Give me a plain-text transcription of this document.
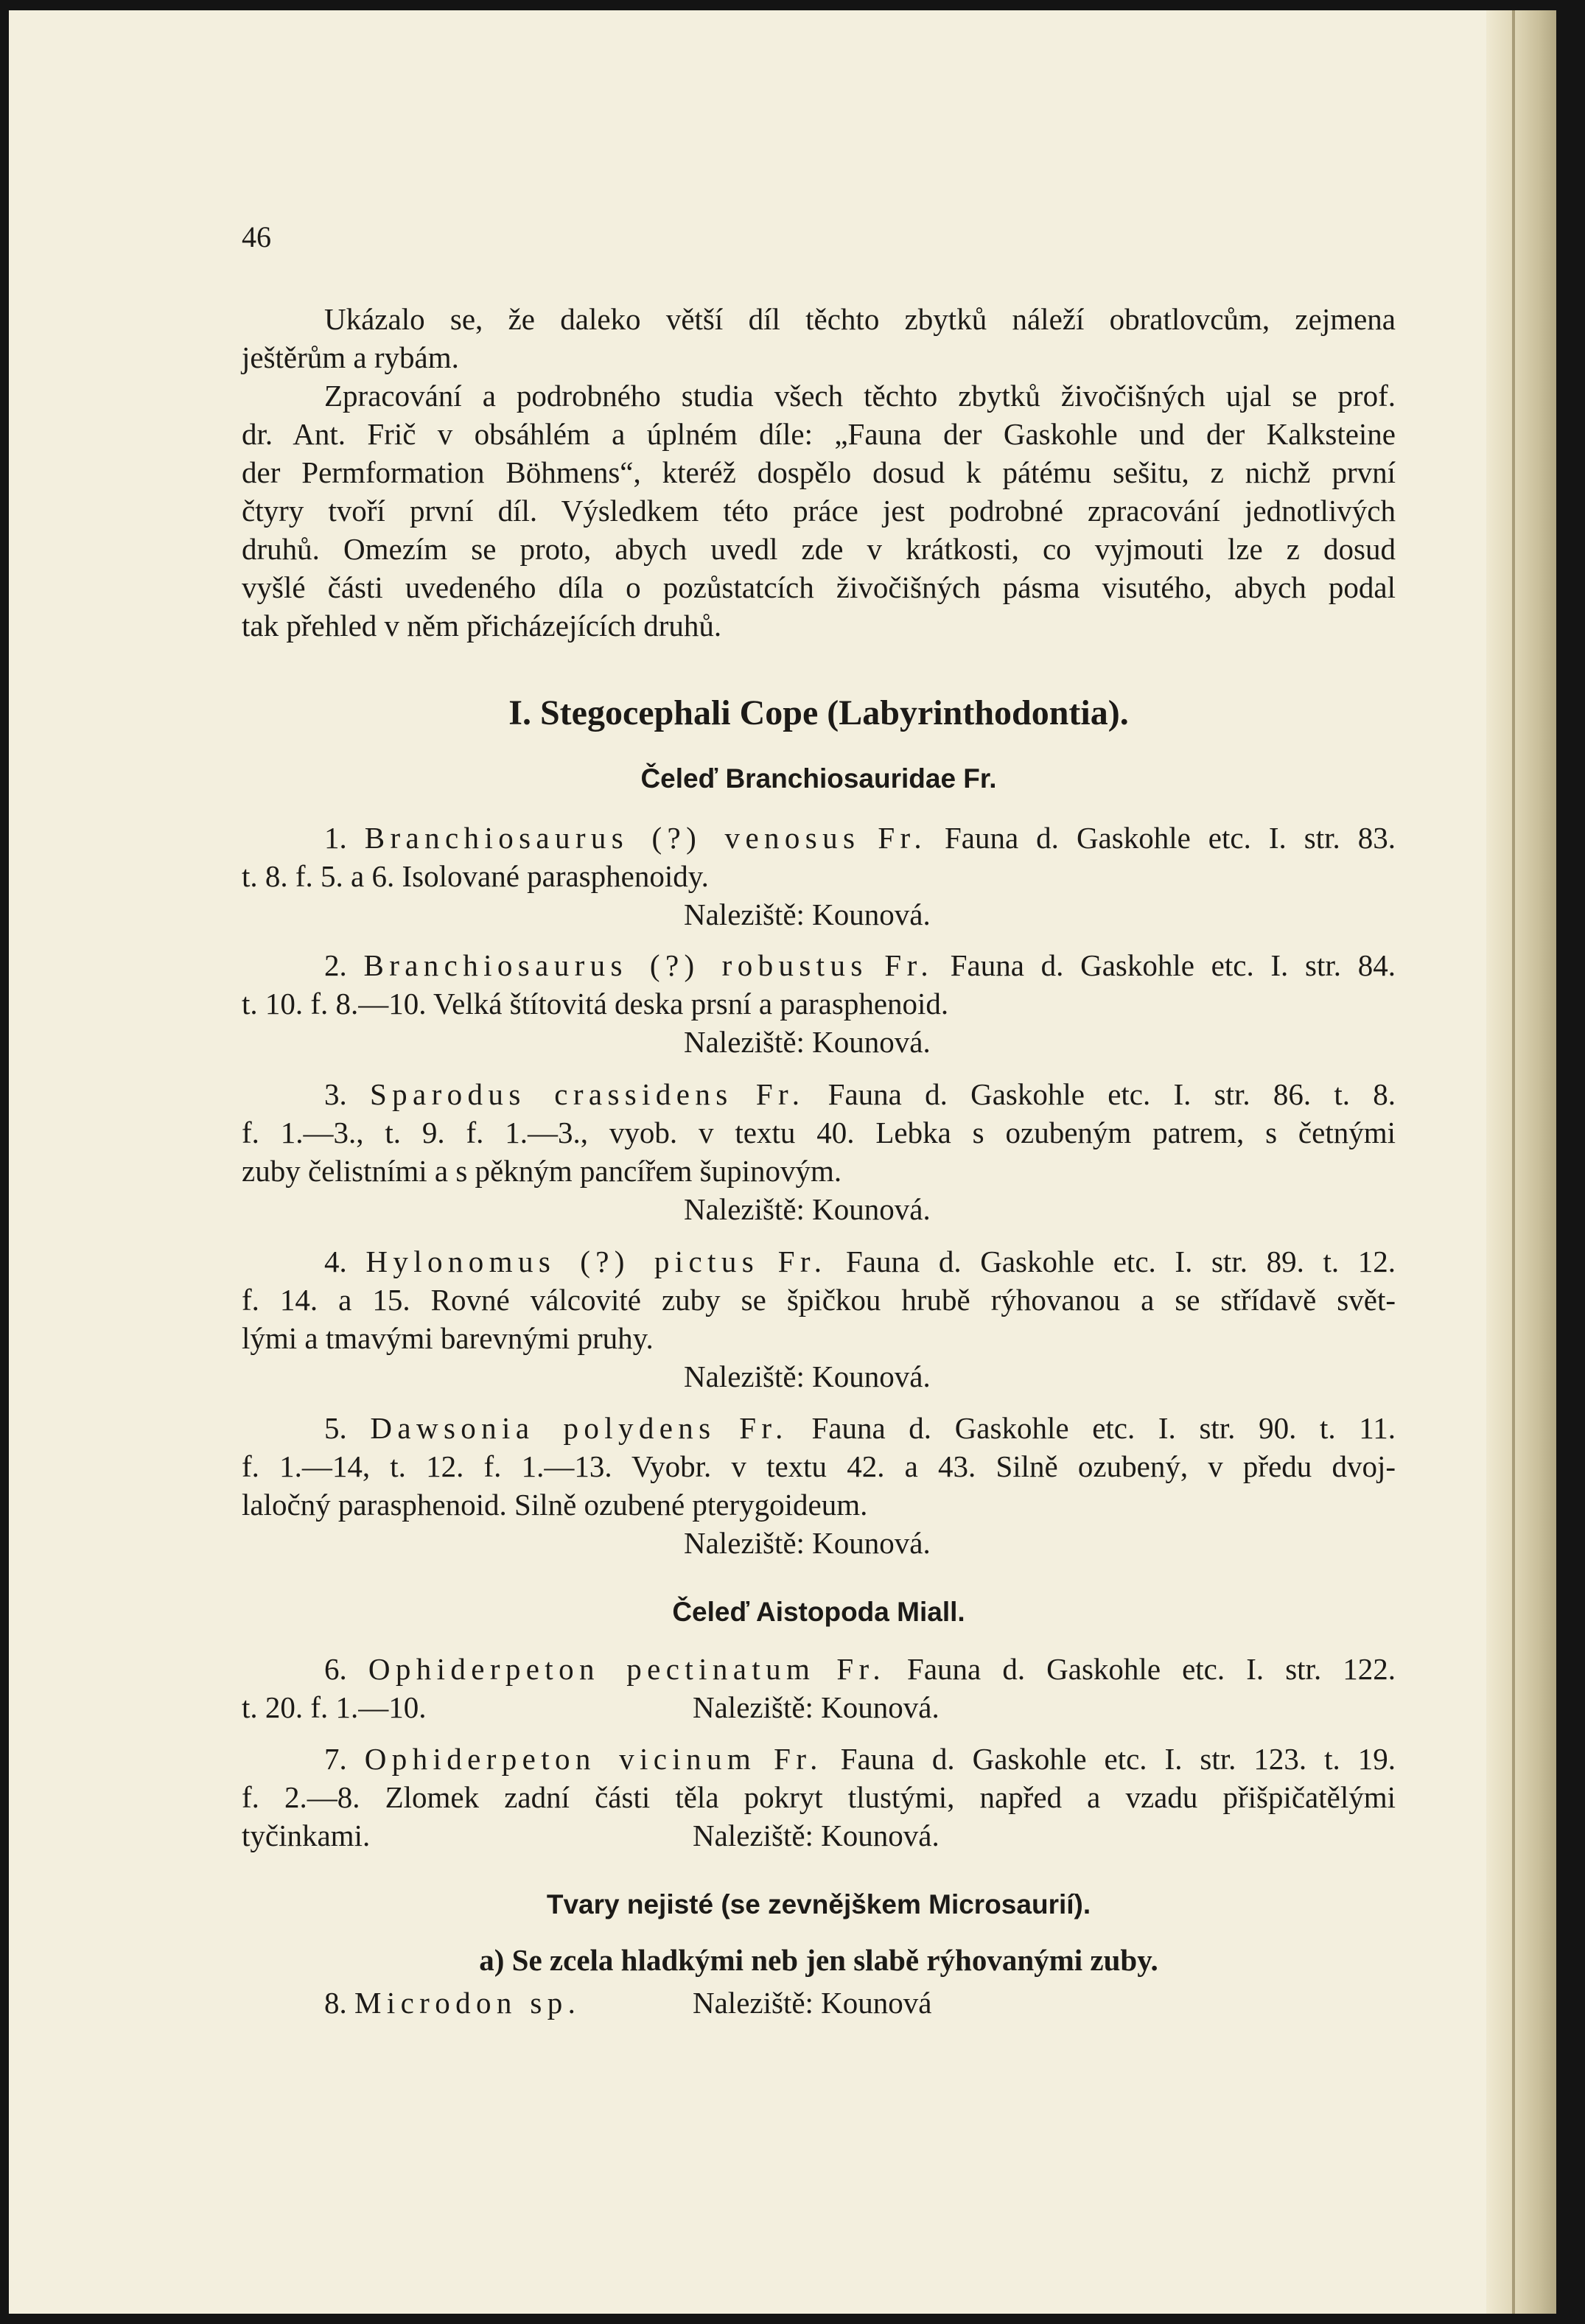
46
Ukázalo se, že daleko větší díl těchto zbytků náleží obratlovcům, zejmena
ještěrům a rybám.
Zpracování a podrobného studia všech těchto zbytků živočišných ujal se prof.
dr. Ant. Frič v obsáhlém a úplném díle: „Fauna der Gaskohle und der Kalksteine
der Permformation Böhmens“, kteréž dospělo dosud k pátému sešitu, z nichž první
čtyry tvoří první díl. Výsledkem této práce jest podrobné zpracování jednotlivých
druhů. Omezím se proto, abych uvedl zde v krátkosti, co vyjmouti lze z dosud
vyšlé části uvedeného díla o pozůstatcích živočišných pásma visutého, abych podal
tak přehled v něm přicházejících druhů.
I. Stegocephali Cope (Labyrinthodontia).
Čeleď Branchiosauridae Fr.
1. Branchiosaurus (?) venosus Fr. Fauna d. Gaskohle etc. I. str. 83.
t. 8. f. 5. a 6. Isolované parasphenoidy.
Naleziště: Kounová.
2. Branchiosaurus (?) robustus Fr. Fauna d. Gaskohle etc. I. str. 84.
t. 10. f. 8.—10. Velká štítovitá deska prsní a parasphenoid.
Naleziště: Kounová.
3. Sparodus crassidens Fr. Fauna d. Gaskohle etc. I. str. 86. t. 8.
f. 1.—3., t. 9. f. 1.—3., vyob. v textu 40. Lebka s ozubeným patrem, s četnými
zuby čelistními a s pěkným pancířem šupinovým.
Naleziště: Kounová.
4. Hylonomus (?) pictus Fr. Fauna d. Gaskohle etc. I. str. 89. t. 12.
f. 14. a 15. Rovné válcovité zuby se špičkou hrubě rýhovanou a se střídavě svět-
lými a tmavými barevnými pruhy.
Naleziště: Kounová.
5. Dawsonia polydens Fr. Fauna d. Gaskohle etc. I. str. 90. t. 11.
f. 1.—14, t. 12. f. 1.—13. Vyobr. v textu 42. a 43. Silně ozubený, v předu dvoj-
laločný parasphenoid. Silně ozubené pterygoideum.
Naleziště: Kounová.
Čeleď Aistopoda Miall.
6. Ophiderpeton pectinatum Fr. Fauna d. Gaskohle etc. I. str. 122.
t. 20. f. 1.—10.	Naleziště: Kounová.
7. Ophiderpeton vicinum Fr. Fauna d. Gaskohle etc. I. str. 123. t. 19.
f. 2.—8. Zlomek zadní části těla pokryt tlustými, napřed a vzadu přišpičatělými
tyčinkami.	Naleziště: Kounová.
Tvary nejisté (se zevnějškem Microsaurií).
a) Se zcela hladkými neb jen slabě rýhovanými zuby.
8. Microdon sp.	Naleziště: Kounová
